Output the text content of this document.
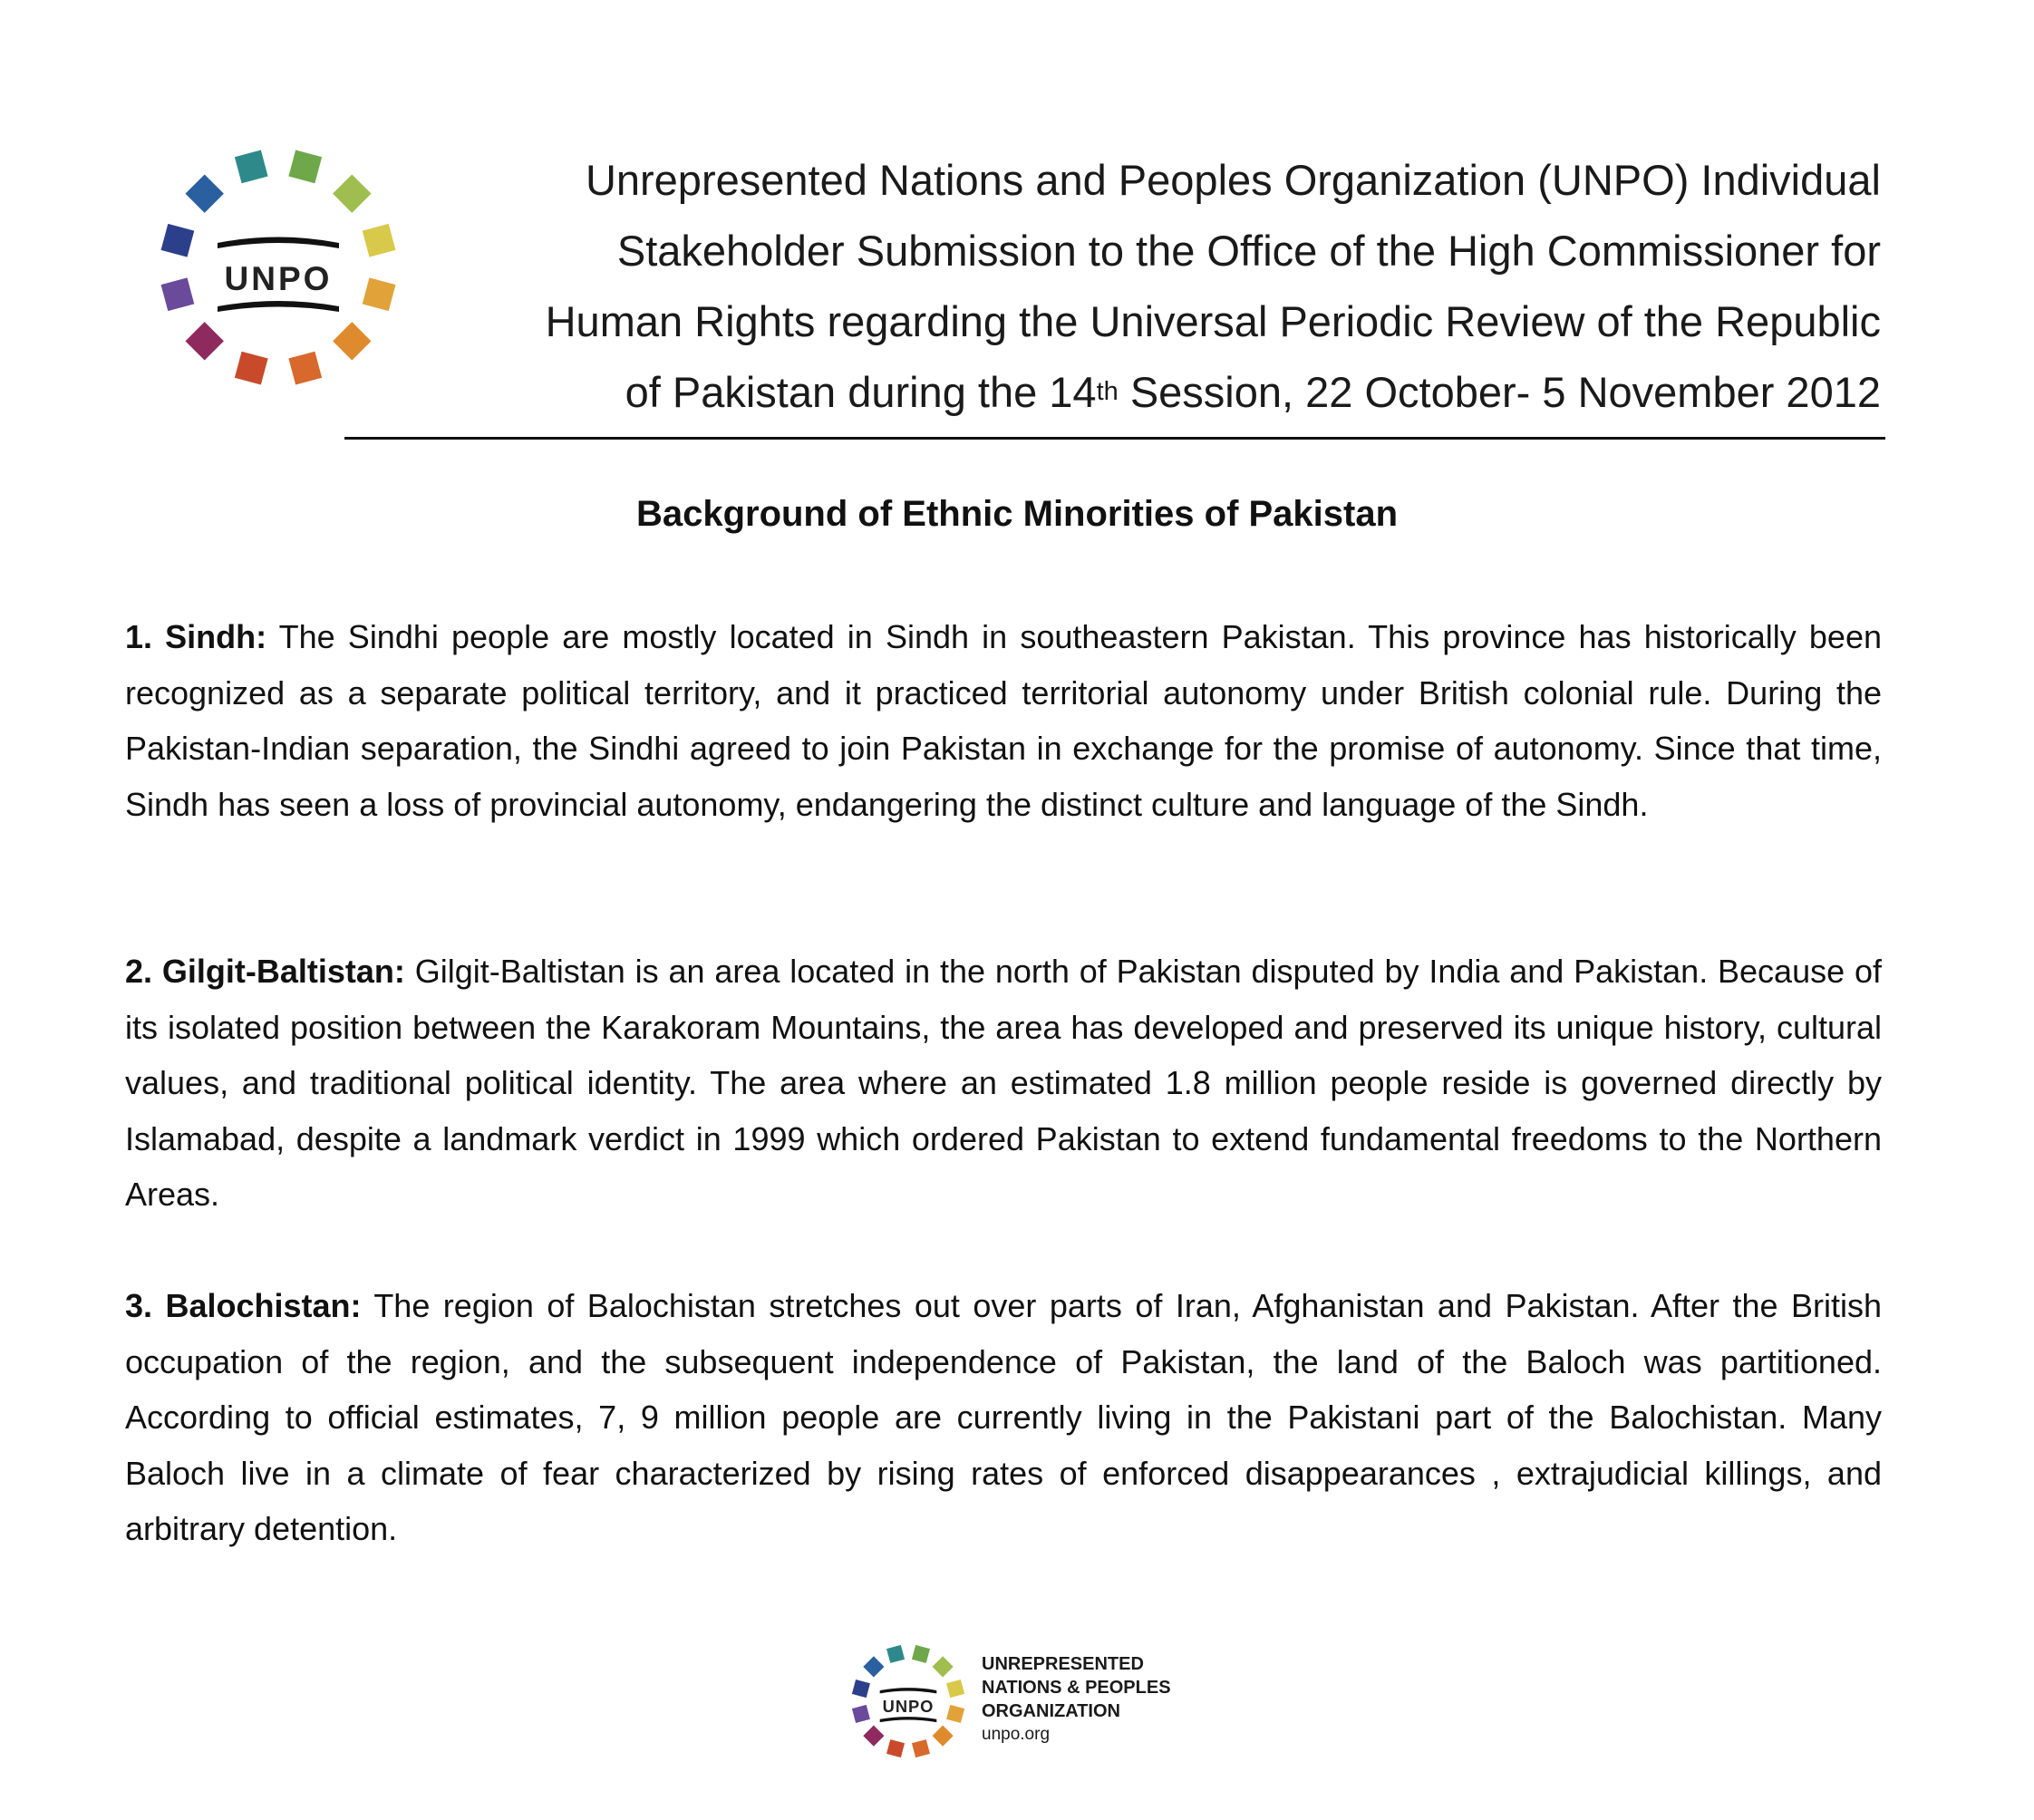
UNPO
Unrepresented Nations and Peoples Organization (UNPO) Individual
Stakeholder Submission to the Office of the High Commissioner for
Human Rights regarding the Universal Periodic Review of the Republic
of Pakistan during the 14th Session, 22 October- 5 November 2012
Background of Ethnic Minorities of Pakistan

1. Sindh: The Sindhi people are mostly located in Sindh in southeastern Pakistan. This province has historically been recognized as a separate political territory, and it practiced territorial autonomy under British colonial rule. During the Pakistan-Indian separation, the Sindhi agreed to join Pakistan in exchange for the promise of autonomy. Since that time, Sindh has seen a loss of provincial autonomy, endangering the distinct culture and language of the Sindh.

2. Gilgit-Baltistan: Gilgit-Baltistan is an area located in the north of Pakistan disputed by India and Pakistan. Because of its isolated position between the Karakoram Mountains, the area has developed and preserved its unique history, cultural values, and traditional political identity. The area where an estimated 1.8 million people reside is governed directly by Islamabad, despite a landmark verdict in 1999 which ordered Pakistan to extend fundamental freedoms to the Northern Areas.

3. Balochistan: The region of Balochistan stretches out over parts of Iran, Afghanistan and Pakistan. After the British occupation of the region, and the subsequent independence of Pakistan, the land of the Baloch was partitioned. According to official estimates, 7, 9 million people are currently living in the Pakistani part of the Balochistan. Many Baloch live in a climate of fear characterized by rising rates of enforced disappearances , extrajudicial killings, and arbitrary detention.

UNPO
UNREPRESENTED
NATIONS & PEOPLES
ORGANIZATION
unpo.org
